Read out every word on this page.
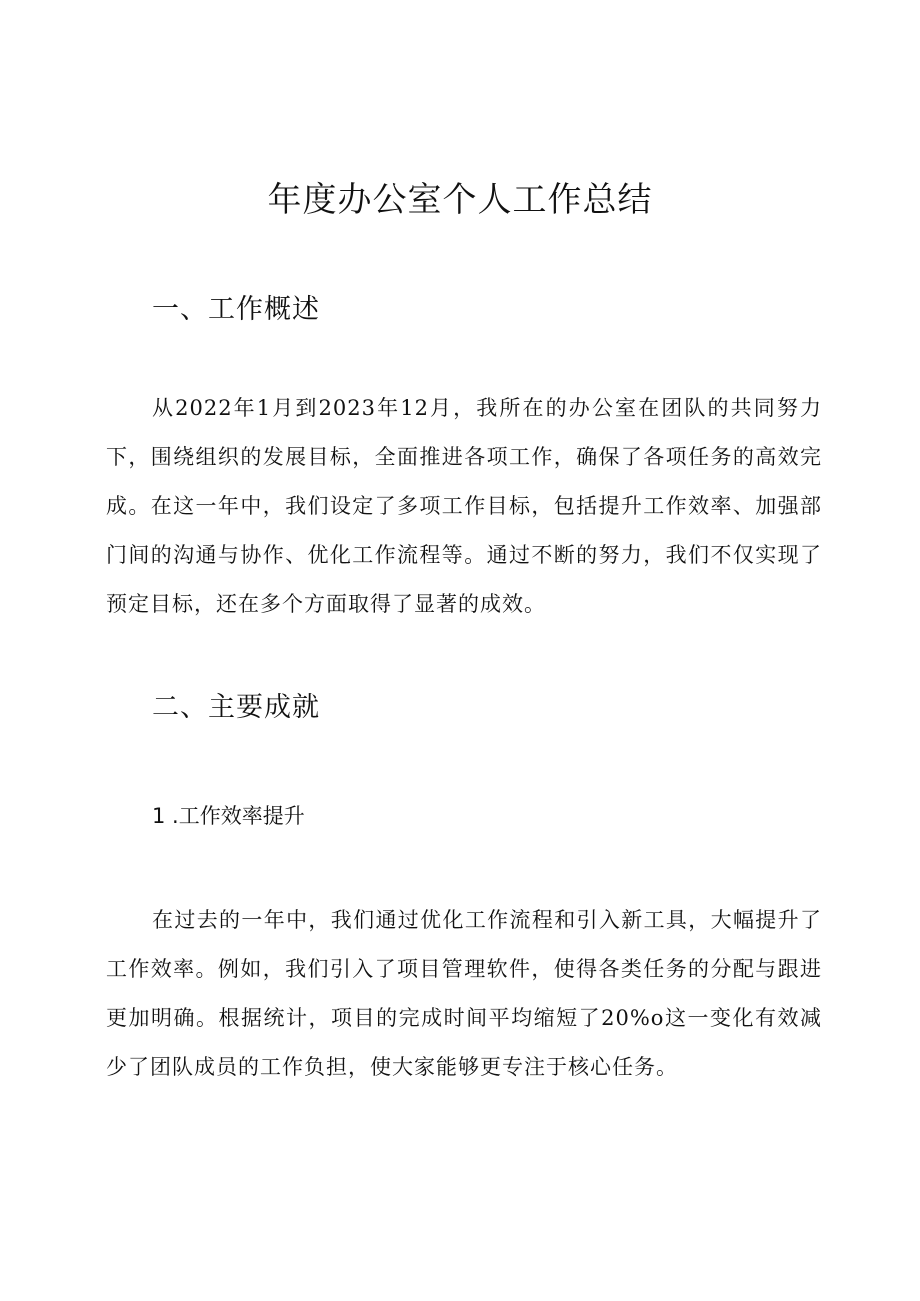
年度办公室个人工作总结
一、工作概述

从2022年1月到2023年12月，我所在的办公室在团队的共同努力下，围绕组织的发展目标，全面推进各项工作，确保了各项任务的高效完成。在这一年中，我们设定了多项工作目标，包括提升工作效率、加强部门间的沟通与协作、优化工作流程等。通过不断的努力，我们不仅实现了预定目标，还在多个方面取得了显著的成效。

二、主要成就
1 .工作效率提升

在过去的一年中，我们通过优化工作流程和引入新工具，大幅提升了工作效率。例如，我们引入了项目管理软件，使得各类任务的分配与跟进更加明确。根据统计，项目的完成时间平均缩短了20%o这一变化有效减少了团队成员的工作负担，使大家能够更专注于核心任务。
